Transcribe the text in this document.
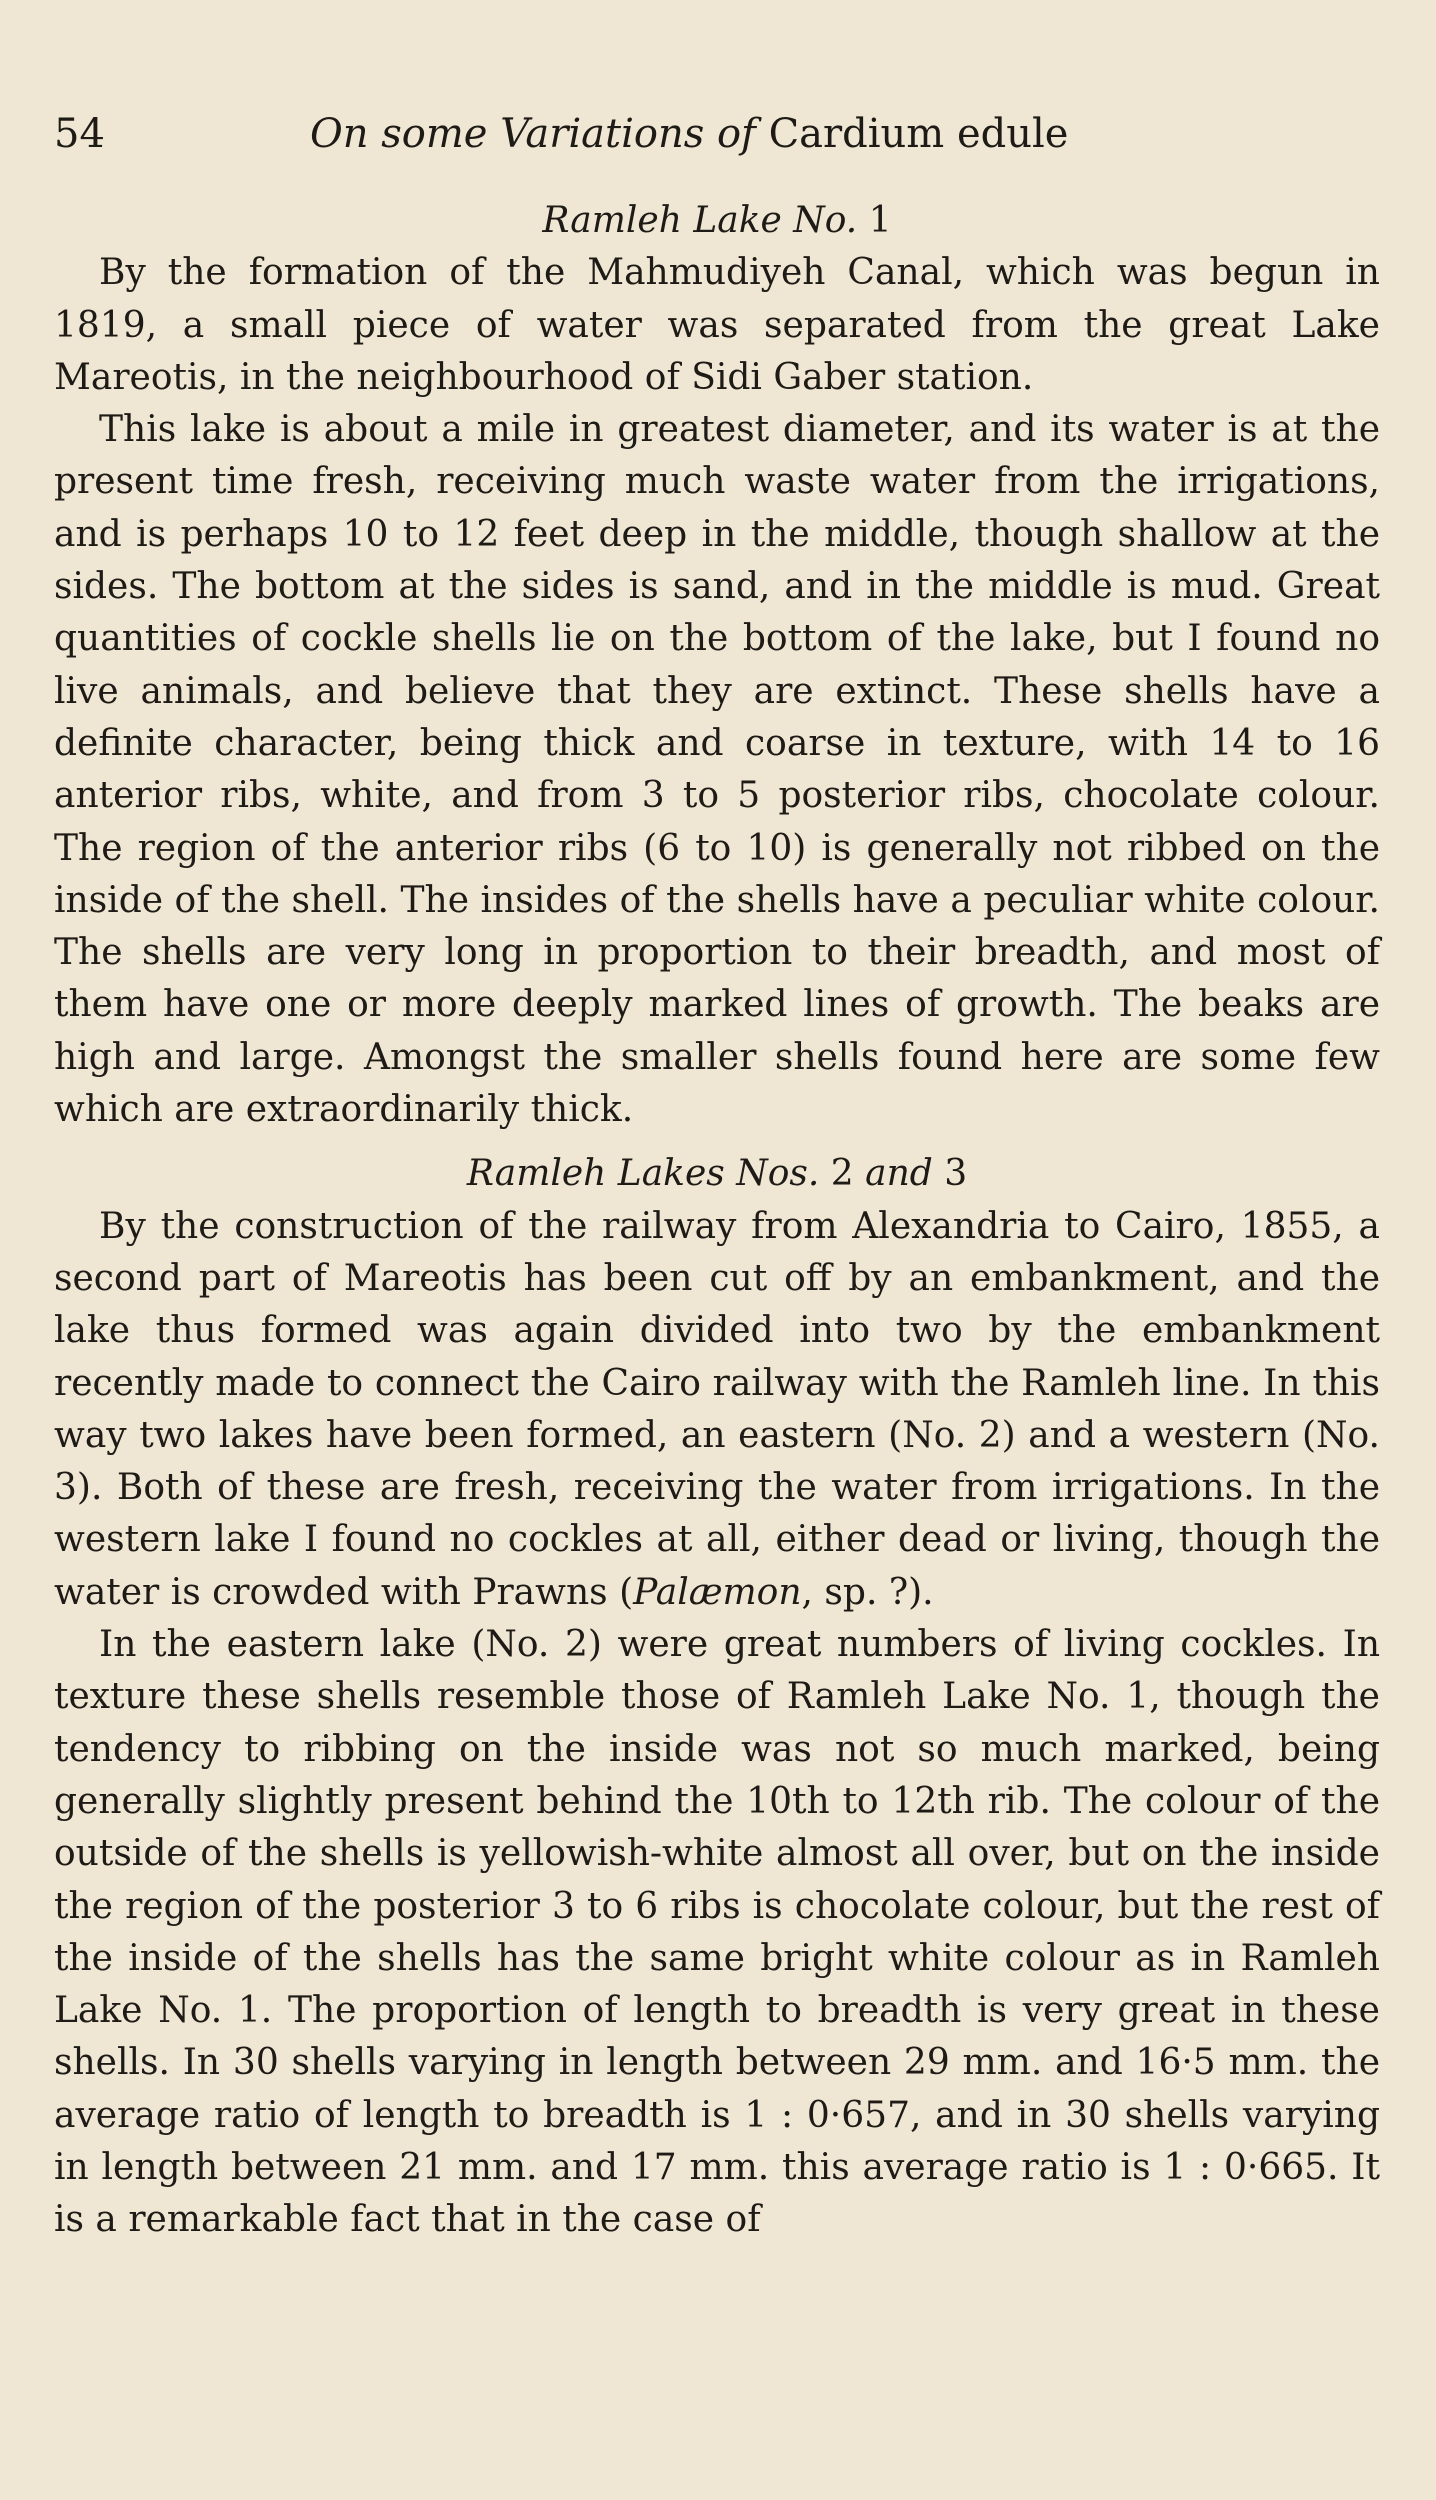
54	On some Variations of Cardium edule

Ramleh Lake No. 1

By the formation of the Mahmudiyeh Canal, which was begun in 1819, a small piece of water was separated from the great Lake Mareotis, in the neighbourhood of Sidi Gaber station.

This lake is about a mile in greatest diameter, and its water is at the present time fresh, receiving much waste water from the irrigations, and is perhaps 10 to 12 feet deep in the middle, though shallow at the sides. The bottom at the sides is sand, and in the middle is mud. Great quantities of cockle shells lie on the bottom of the lake, but I found no live animals, and believe that they are extinct. These shells have a definite character, being thick and coarse in texture, with 14 to 16 anterior ribs, white, and from 3 to 5 posterior ribs, chocolate colour. The region of the anterior ribs (6 to 10) is generally not ribbed on the inside of the shell. The insides of the shells have a peculiar white colour. The shells are very long in proportion to their breadth, and most of them have one or more deeply marked lines of growth. The beaks are high and large. Amongst the smaller shells found here are some few which are extraordinarily thick.

Ramleh Lakes Nos. 2 and 3

By the construction of the railway from Alexandria to Cairo, 1855, a second part of Mareotis has been cut off by an embankment, and the lake thus formed was again divided into two by the embankment recently made to connect the Cairo railway with the Ramleh line. In this way two lakes have been formed, an eastern (No. 2) and a western (No. 3). Both of these are fresh, receiving the water from irrigations. In the western lake I found no cockles at all, either dead or living, though the water is crowded with Prawns (Palæmon, sp. ?).

In the eastern lake (No. 2) were great numbers of living cockles. In texture these shells resemble those of Ramleh Lake No. 1, though the tendency to ribbing on the inside was not so much marked, being generally slightly present behind the 10th to 12th rib. The colour of the outside of the shells is yellowish-white almost all over, but on the inside the region of the posterior 3 to 6 ribs is chocolate colour, but the rest of the inside of the shells has the same bright white colour as in Ramleh Lake No. 1. The proportion of length to breadth is very great in these shells. In 30 shells varying in length between 29 mm. and 16·5 mm. the average ratio of length to breadth is 1 : 0·657, and in 30 shells varying in length between 21 mm. and 17 mm. this average ratio is 1 : 0·665. It is a remarkable fact that in the case of
